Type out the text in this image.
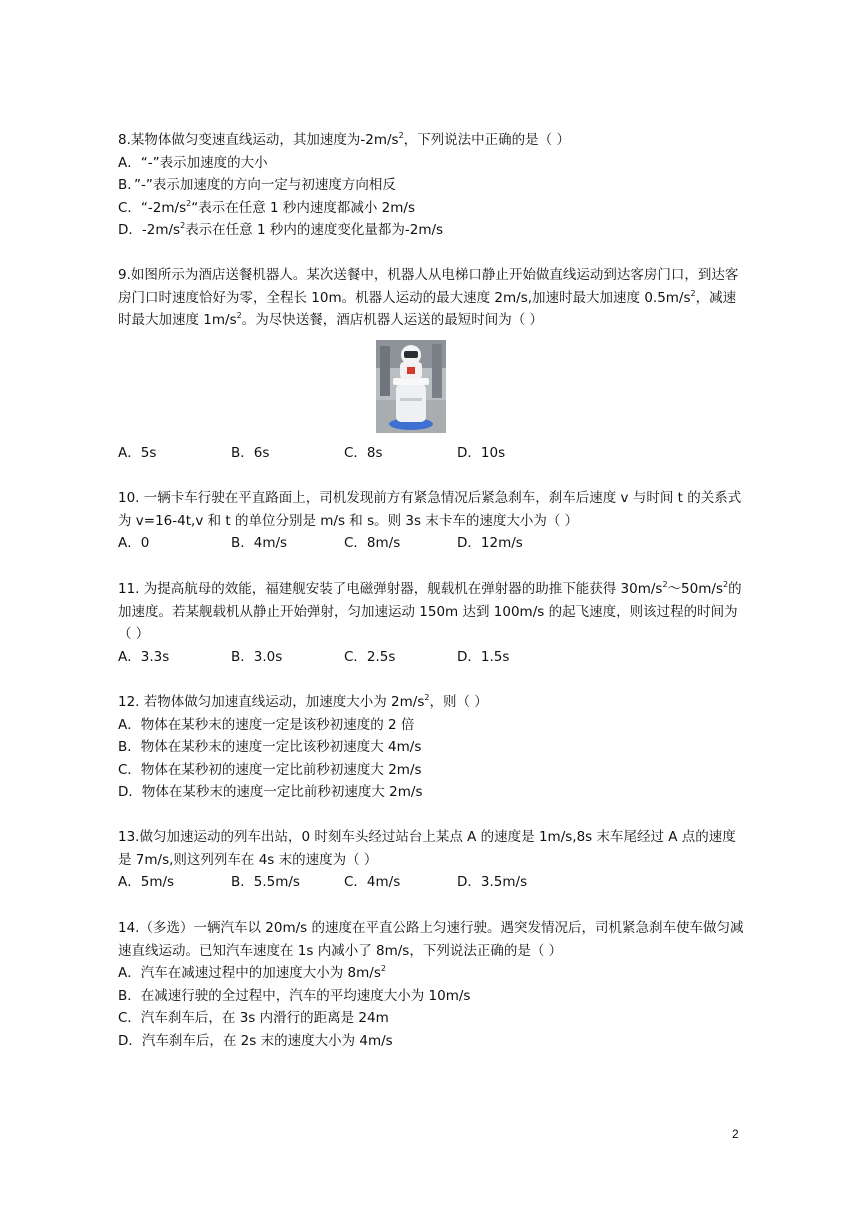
8.某物体做匀变速直线运动，其加速度为$-2m/s^2$，下列说法中正确的是（ ）
A．“-”表示加速度的大小
B．”-”表示加速度的方向一定与初速度方向相反
C．“$-2m/s^2“$表示在任意 1 秒内速度都减小 2m/s
D．$-2m/s^2$表示在任意 1 秒内的速度变化量都为-2m/s
9.如图所示为酒店送餐机器人。某次送餐中，机器人从电梯口静止开始做直线运动到达客房门口，到达客房门口时速度恰好为零，全程长 10m。机器人运动的最大速度 2m/s,加速时最大加速度 $0.5m/s^2$，减速时最大加速度 $1m/s^2$。为尽快送餐，酒店机器人运送的最短时间为（ ）
A．5s	B．6s	C．8s	D．10s
10. 一辆卡车行驶在平直路面上，司机发现前方有紧急情况后紧急刹车，刹车后速度 v 与时间 t 的关系式为 v=16-4t,v 和 t 的单位分别是 m/s 和 s。则 3s 末卡车的速度大小为（ ）
A．0	B．4m/s	C．8m/s	D．12m/s
11. 为提高航母的效能，福建舰安装了电磁弹射器，舰载机在弹射器的助推下能获得 $30m/s^2\sim 50m/s^2$的加速度。若某舰载机从静止开始弹射，匀加速运动 150m 达到 100m/s 的起飞速度，则该过程的时间为（ ）
A．3.3s	B．3.0s	C．2.5s	D．1.5s
12. 若物体做匀加速直线运动，加速度大小为 $2m/s^2$，则（ ）
A．物体在某秒末的速度一定是该秒初速度的 2 倍
B．物体在某秒末的速度一定比该秒初速度大 4m/s
C．物体在某秒初的速度一定比前秒初速度大 2m/s
D．物体在某秒末的速度一定比前秒初速度大 2m/s
13.做匀加速运动的列车出站，0 时刻车头经过站台上某点 A 的速度是 1m/s,8s 末车尾经过 A 点的速度是 7m/s,则这列列车在 4s 末的速度为（ ）
A．5m/s	B．5.5m/s	C．4m/s	D．3.5m/s
14.（多选）一辆汽车以 20m/s 的速度在平直公路上匀速行驶。遇突发情况后，司机紧急刹车使车做匀减速直线运动。已知汽车速度在 1s 内减小了 8m/s，下列说法正确的是（ ）
A．汽车在减速过程中的加速度大小为 $8m/s^2$
B．在减速行驶的全过程中，汽车的平均速度大小为 10m/s
C．汽车刹车后，在 3s 内滑行的距离是 24m
D．汽车刹车后，在 2s 末的速度大小为 4m/s
2
